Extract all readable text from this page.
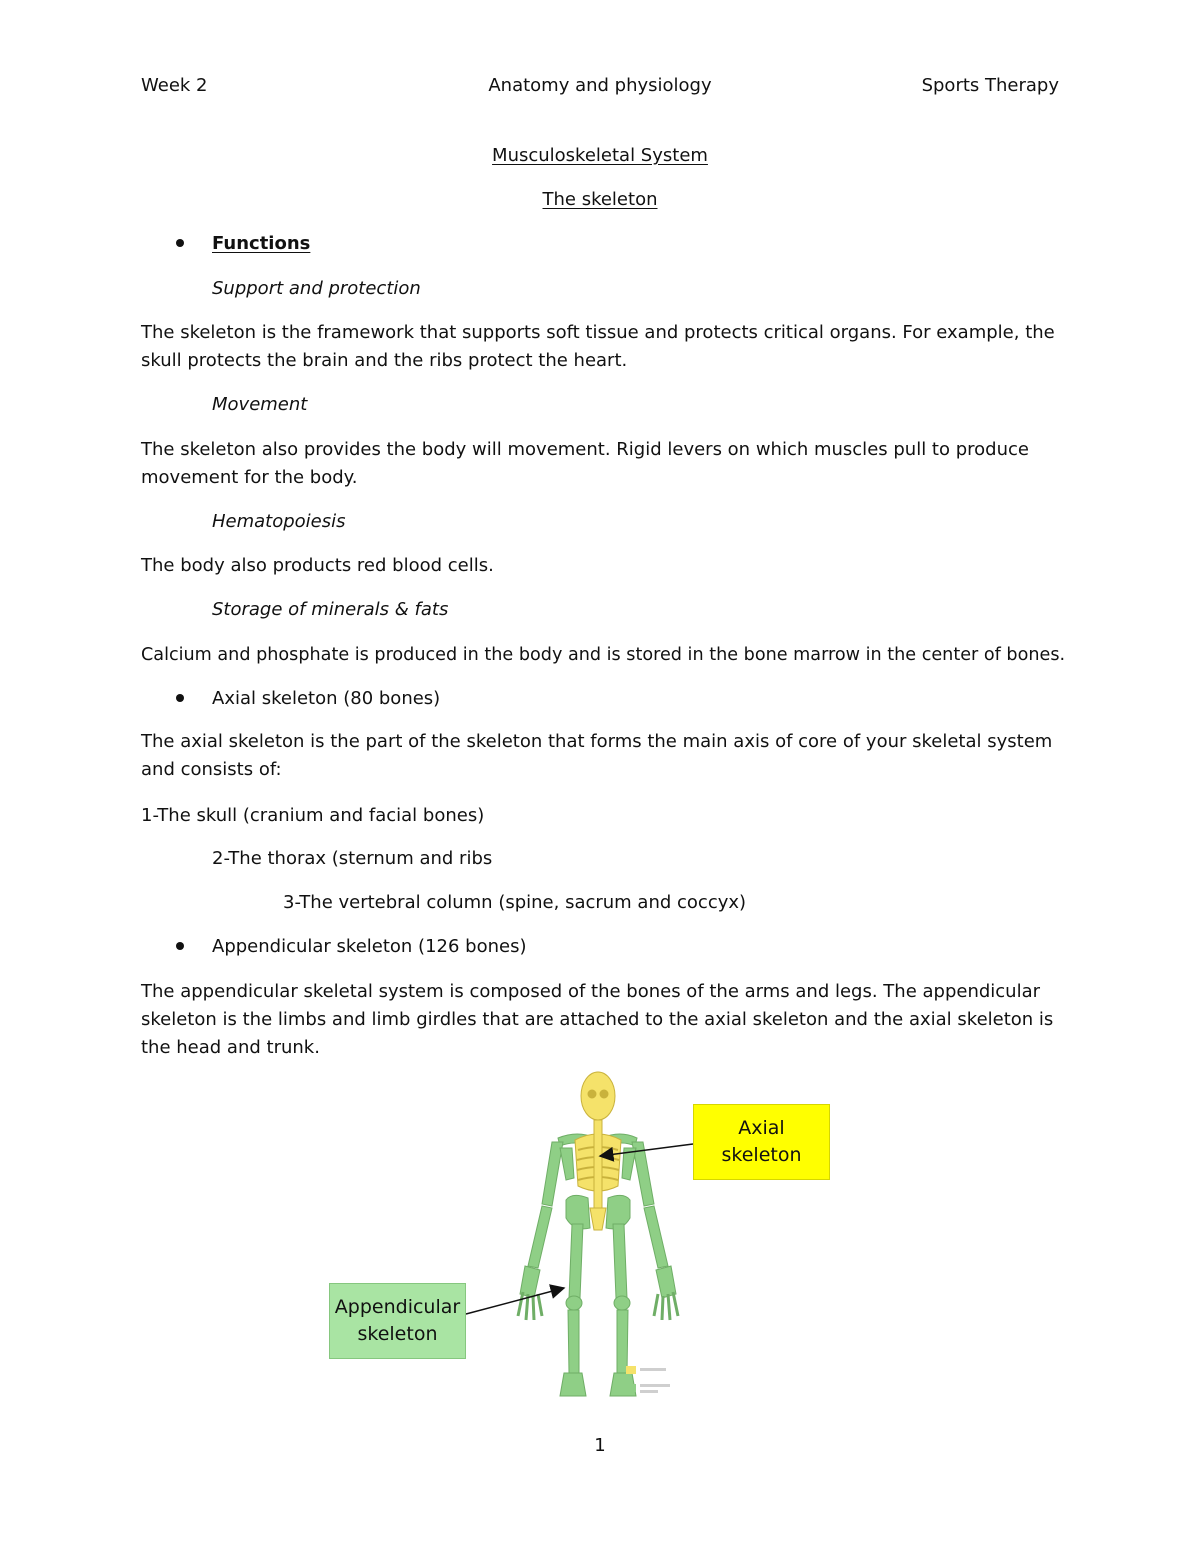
Week 2	Anatomy and physiology	Sports Therapy

Musculoskeletal System

The skeleton

Functions

Support and protection

The skeleton is the framework that supports soft tissue and protects critical organs. For example, the skull protects the brain and the ribs protect the heart.

Movement

The skeleton also provides the body will movement. Rigid levers on which muscles pull to produce movement for the body.

Hematopoiesis

The body also products red blood cells.

Storage of minerals & fats

Calcium and phosphate is produced in the body and is stored in the bone marrow in the center of bones.

Axial skeleton (80 bones)

The axial skeleton is the part of the skeleton that forms the main axis of core of your skeletal system and consists of:

1-The skull (cranium and facial bones)

2-The thorax (sternum and ribs

3-The vertebral column (spine, sacrum and coccyx)

Appendicular skeleton (126 bones)

The appendicular skeletal system is composed of the bones of the arms and legs. The appendicular skeleton is the limbs and limb girdles that are attached to the axial skeleton and the axial skeleton is the head and trunk.

Axial
skeleton
Appendicular
skeleton

1
